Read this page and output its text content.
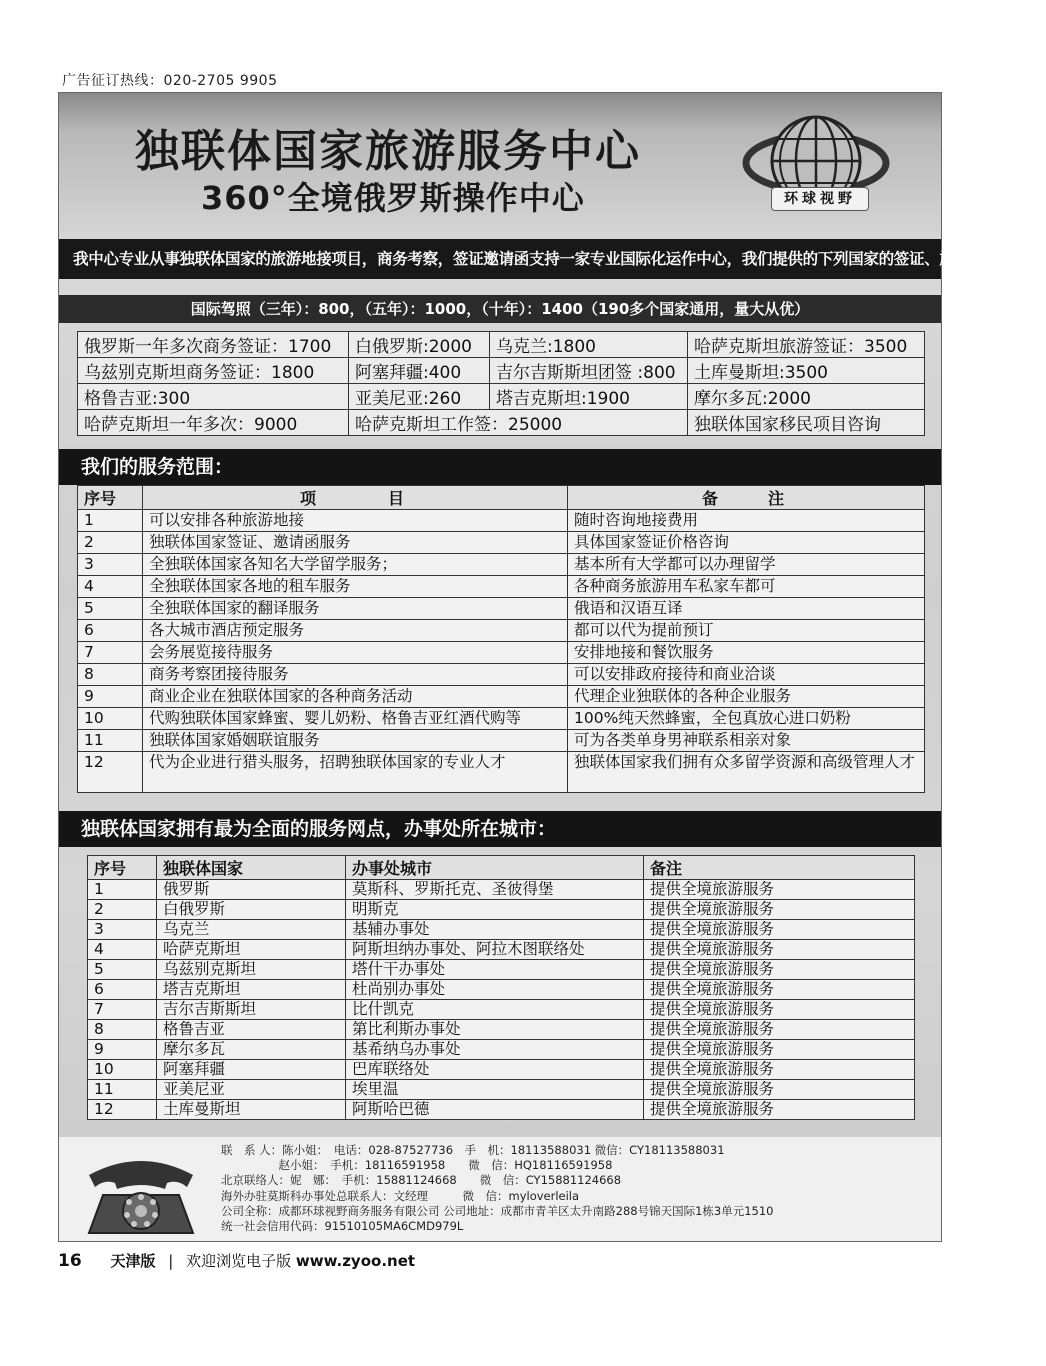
广告征订热线：020-2705 9905
独联体国家旅游服务中心
360°全境俄罗斯操作中心	环球视野
我中心专业从事独联体国家的旅游地接项目，商务考察，签证邀请函支持一家专业国际化运作中心，我们提供的下列国家的签证、旅游地接服务。
国际驾照（三年）：800，（五年）：1000，（十年）：1400（190多个国家通用，量大从优）
俄罗斯一年多次商务签证：1700	白俄罗斯:2000	乌克兰:1800	哈萨克斯坦旅游签证：3500
乌兹别克斯坦商务签证：1800	阿塞拜疆:400	吉尔吉斯斯坦团签 :800	土库曼斯坦:3500
格鲁吉亚:300	亚美尼亚:260	塔吉克斯坦:1900	摩尔多瓦:2000
哈萨克斯坦一年多次：9000	哈萨克斯坦工作签：25000		独联体国家移民项目咨询
我们的服务范围：
序号	项　　　目	备　　注
1	可以安排各种旅游地接	随时咨询地接费用
2	独联体国家签证、邀请函服务	具体国家签证价格咨询
3	全独联体国家各知名大学留学服务；	基本所有大学都可以办理留学
4	全独联体国家各地的租车服务	各种商务旅游用车私家车都可
5	全独联体国家的翻译服务	俄语和汉语互译
6	各大城市酒店预定服务	都可以代为提前预订
7	会务展览接待服务	安排地接和餐饮服务
8	商务考察团接待服务	可以安排政府接待和商业洽谈
9	商业企业在独联体国家的各种商务活动	代理企业独联体的各种企业服务
10	代购独联体国家蜂蜜、婴儿奶粉、格鲁吉亚红酒代购等	100%纯天然蜂蜜，全包真放心进口奶粉
11	独联体国家婚姻联谊服务	可为各类单身男神联系相亲对象
12	代为企业进行猎头服务，招聘独联体国家的专业人才	独联体国家我们拥有众多留学资源和高级管理人才
独联体国家拥有最为全面的服务网点，办事处所在城市：
序号	独联体国家	办事处城市	备注
1	俄罗斯	莫斯科、罗斯托克、圣彼得堡	提供全境旅游服务
2	白俄罗斯	明斯克	提供全境旅游服务
3	乌克兰	基辅办事处	提供全境旅游服务
4	哈萨克斯坦	阿斯坦纳办事处、阿拉木图联络处	提供全境旅游服务
5	乌兹别克斯坦	塔什干办事处	提供全境旅游服务
6	塔吉克斯坦	杜尚别办事处	提供全境旅游服务
7	吉尔吉斯斯坦	比什凯克	提供全境旅游服务
8	格鲁吉亚	第比利斯办事处	提供全境旅游服务
9	摩尔多瓦	基希纳乌办事处	提供全境旅游服务
10	阿塞拜疆	巴库联络处	提供全境旅游服务
11	亚美尼亚	埃里温	提供全境旅游服务
12	土库曼斯坦	阿斯哈巴德	提供全境旅游服务
联　系 人：陈小姐：　电话：028-87527736　手　机：18113588031 微信：CY18113588031
　　　　　赵小姐：　手机：18116591958　　微　信：HQ18116591958
北京联络人：妮　娜：　手机：15881124668　　微　信：CY15881124668
海外办驻莫斯科办事处总联系人：文经理　　　微　信：myloverleila
公司全称：成都环球视野商务服务有限公司 公司地址：成都市青羊区太升南路288号锦天国际1栋3单元1510
统一社会信用代码：91510105MA6CMD979L
16 天津版 | 欢迎浏览电子版 www.zyoo.net
